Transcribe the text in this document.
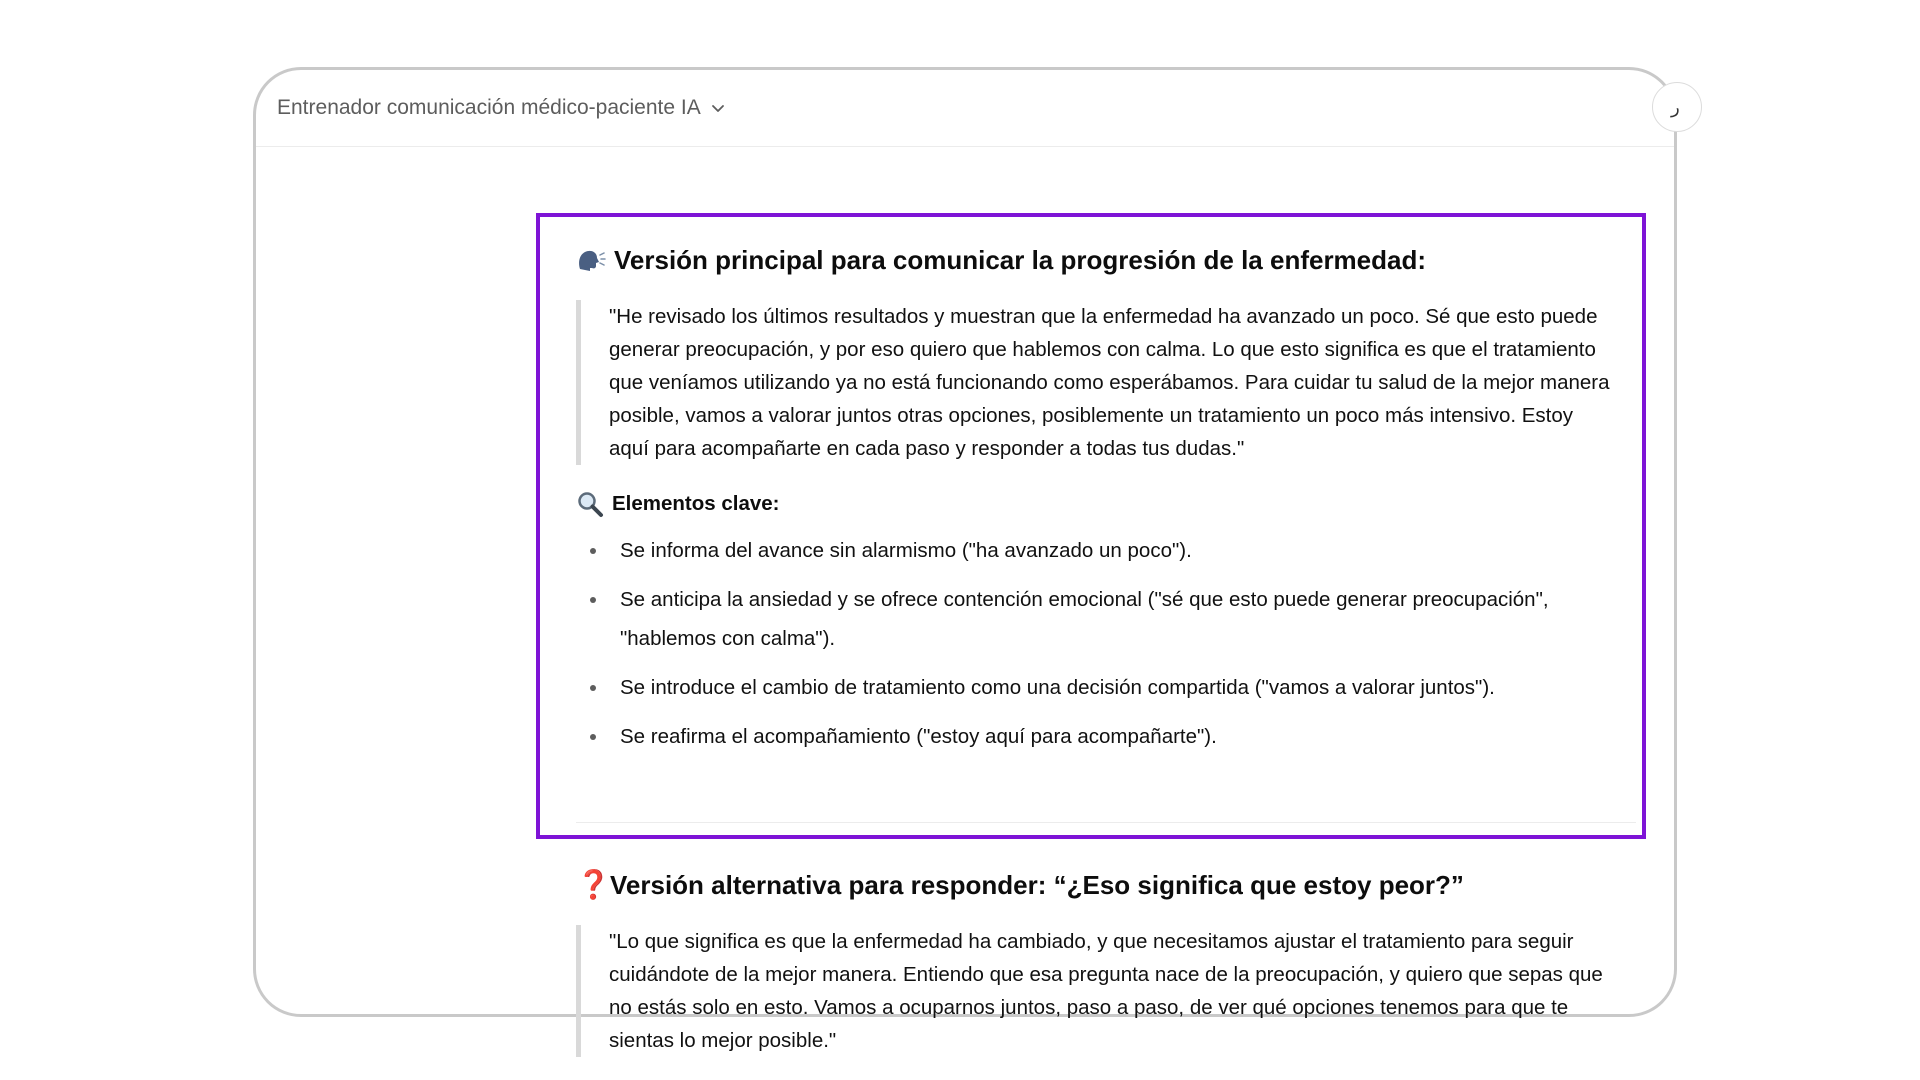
Entrenador comunicación médico-paciente IA	ر
Versión principal para comunicar la progresión de la enfermedad:
"He revisado los últimos resultados y muestran que la enfermedad ha avanzado un poco. Sé que esto puede generar preocupación, y por eso quiero que hablemos con calma. Lo que esto significa es que el tratamiento que veníamos utilizando ya no está funcionando como esperábamos. Para cuidar tu salud de la mejor manera posible, vamos a valorar juntos otras opciones, posiblemente un tratamiento un poco más intensivo. Estoy aquí para acompañarte en cada paso y responder a todas tus dudas."
Elementos clave:
Se informa del avance sin alarmismo ("ha avanzado un poco").
Se anticipa la ansiedad y se ofrece contención emocional ("sé que esto puede generar preocupación", "hablemos con calma").
Se introduce el cambio de tratamiento como una decisión compartida ("vamos a valorar juntos").
Se reafirma el acompañamiento ("estoy aquí para acompañarte").
❓ Versión alternativa para responder: “¿Eso significa que estoy peor?”
"Lo que significa es que la enfermedad ha cambiado, y que necesitamos ajustar el tratamiento para seguir cuidándote de la mejor manera. Entiendo que esa pregunta nace de la preocupación, y quiero que sepas que no estás solo en esto. Vamos a ocuparnos juntos, paso a paso, de ver qué opciones tenemos para que te sientas lo mejor posible."
